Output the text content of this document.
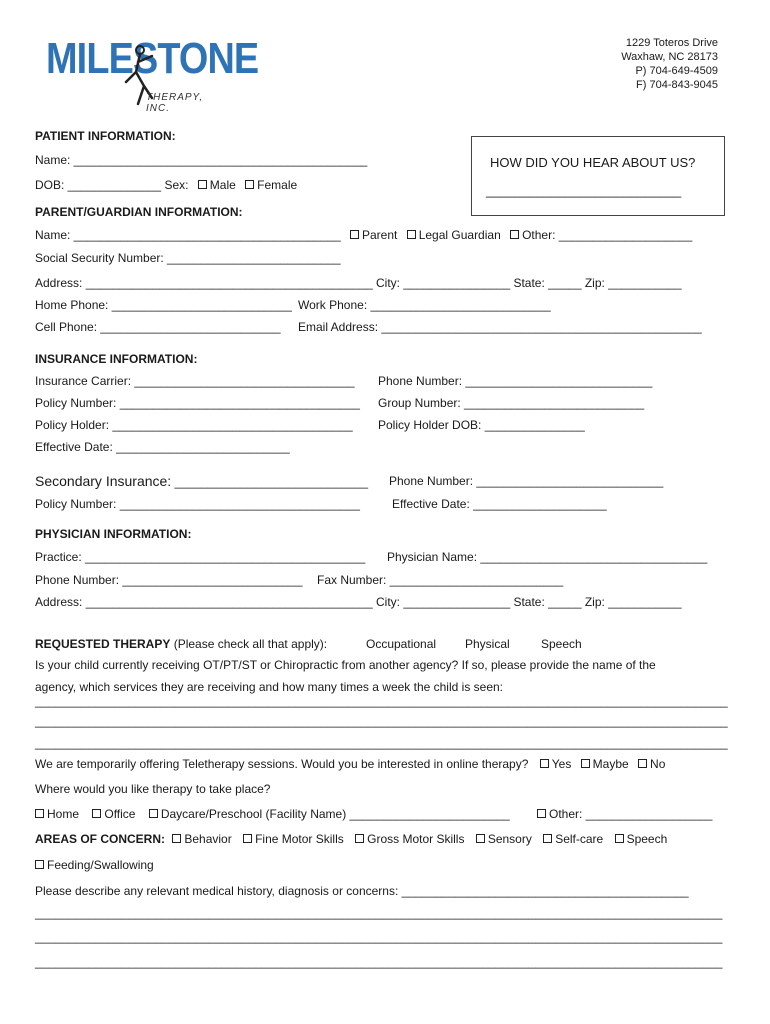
MILESTONE
THERAPY, INC.
1229 Toteros Drive
Waxhaw, NC 28173
P) 704-649-4509
F) 704-843-9045
HOW DID YOU HEAR ABOUT US?
___________________________
PATIENT INFORMATION:
Name: ____________________________________________
DOB: ______________ Sex: Male Female
PARENT/GUARDIAN INFORMATION:
Name: ________________________________________ Parent Legal Guardian Other: ____________________
Social Security Number: __________________________
Address: ___________________________________________ City: ________________ State: _____ Zip: ___________
Home Phone: ___________________________ Work Phone: ___________________________
Cell Phone: ___________________________ Email Address: ________________________________________________
INSURANCE INFORMATION:
Insurance Carrier: _________________________________ Phone Number: ____________________________
Policy Number: ____________________________________ Group Number: ___________________________
Policy Holder: ____________________________________ Policy Holder DOB: _______________
Effective Date: __________________________
Secondary Insurance: _____________________________ Phone Number: ____________________________
Policy Number: ____________________________________	Effective Date: ____________________
PHYSICIAN INFORMATION:
Practice: __________________________________________ Physician Name: __________________________________
Phone Number: ___________________________ Fax Number: __________________________
Address: ___________________________________________ City: ________________ State: _____ Zip: ___________
REQUESTED THERAPY (Please check all that apply):	Occupational Physical	Speech
Is your child currently receiving OT/PT/ST or Chiropractic from another agency? If so, please provide the name of the
agency, which services they are receiving and how many times a week the child is seen:
________________________________________________________________________________________________________
________________________________________________________________________________________________________
________________________________________________________________________________________________________
We are temporarily offering Teletherapy sessions. Would you be interested in online therapy? Yes Maybe No
Where would you like therapy to take place?
Home Office Daycare/Preschool (Facility Name) ________________________	Other: ___________________
AREAS OF CONCERN: Behavior Fine Motor Skills Gross Motor Skills Sensory Self-care Speech
Feeding/Swallowing
Please describe any relevant medical history, diagnosis or concerns: ___________________________________________
_______________________________________________________________________________________________________
_______________________________________________________________________________________________________
_______________________________________________________________________________________________________
